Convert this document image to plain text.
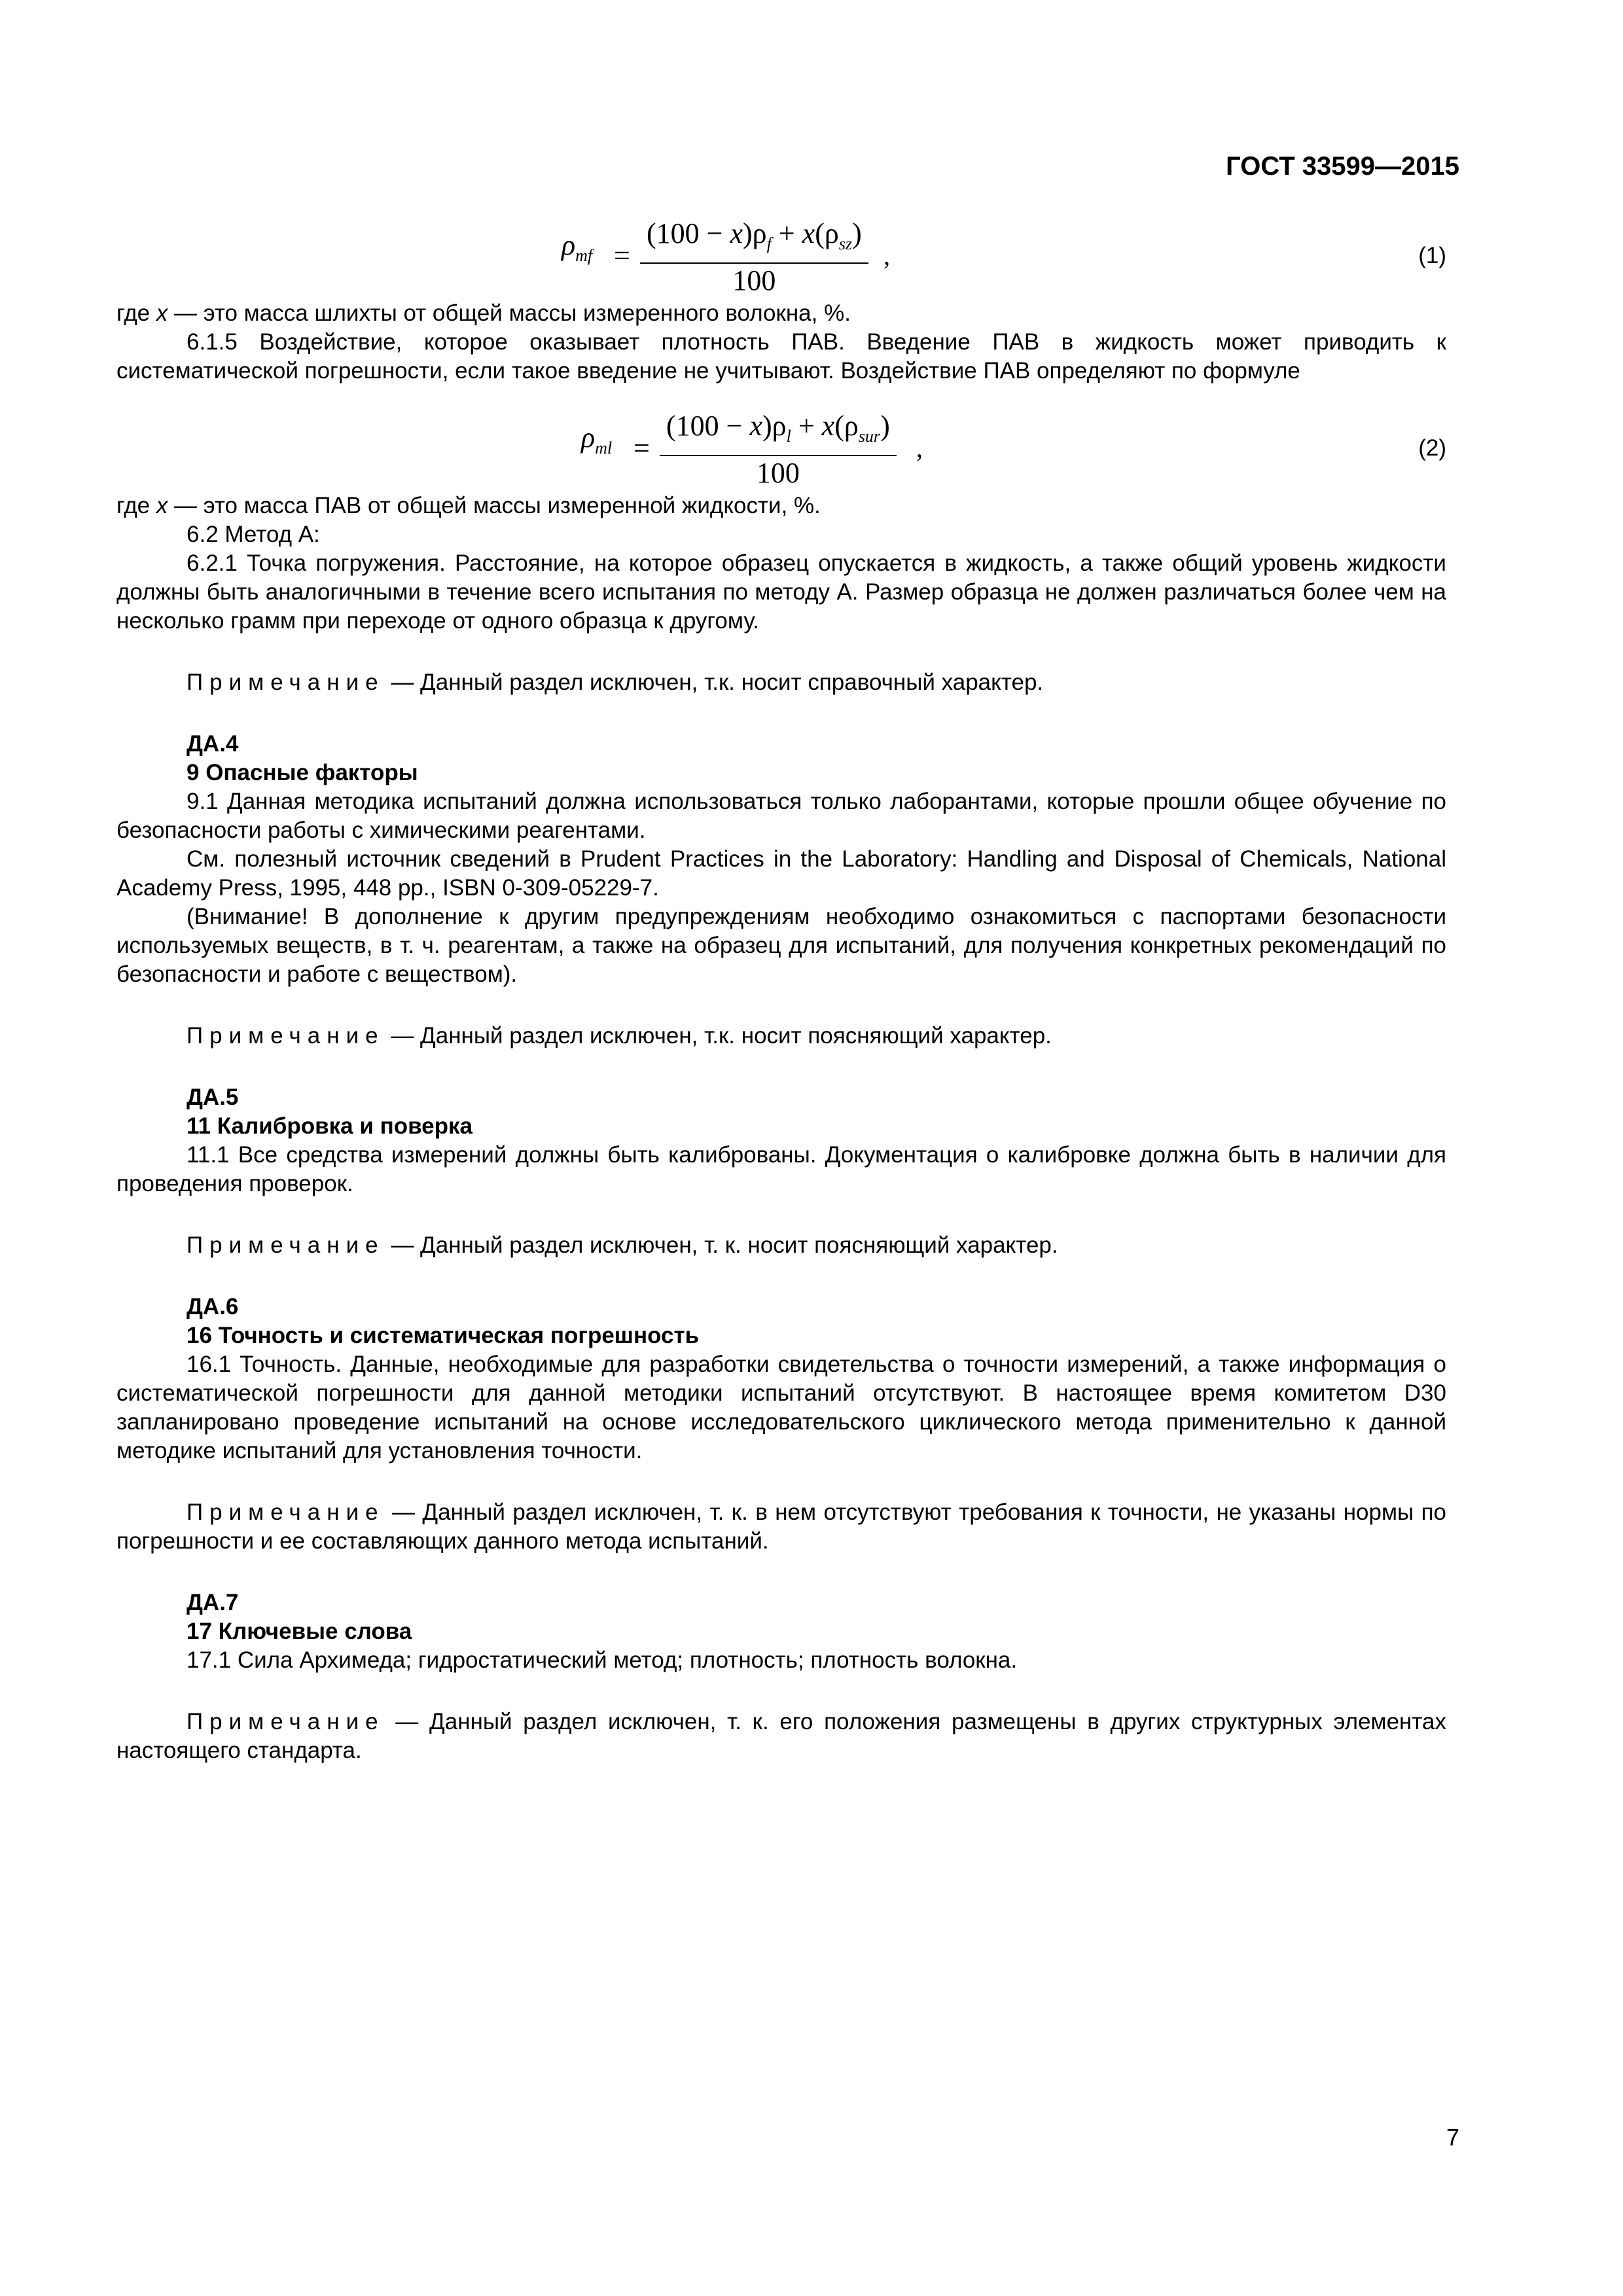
ГОСТ 33599—2015
$\rho_{mf}$ =
$(100 - x)\rho_f + x(\rho_{sz})$
100
,	(1)

где x — это масса шлихты от общей массы измеренного волокна, %.

6.1.5 Воздействие, которое оказывает плотность ПАВ. Введение ПАВ в жидкость может приводить к систематической погрешности, если такое введение не учитывают. Воздействие ПАВ определяют по формуле

$\rho_{ml}$ =
$(100 - x)\rho_l + x(\rho_{sur})$
100
,	(2)

где x — это масса ПАВ от общей массы измеренной жидкости, %.

6.2 Метод А:

6.2.1 Точка погружения. Расстояние, на которое образец опускается в жидкость, а также общий уровень жидкости должны быть аналогичными в течение всего испытания по методу А. Размер образца не должен различаться более чем на несколько грамм при переходе от одного образца к другому.

Примечание — Данный раздел исключен, т.к. носит справочный характер.

ДА.4

9 Опасные факторы

9.1 Данная методика испытаний должна использоваться только лаборантами, которые прошли общее обучение по безопасности работы с химическими реагентами.

См. полезный источник сведений в Prudent Practices in the Laboratory: Handling and Disposal of Chemicals, National Academy Press, 1995, 448 pp., ISBN 0-309-05229-7.

(Внимание! В дополнение к другим предупреждениям необходимо ознакомиться с паспортами безопасности используемых веществ, в т. ч. реагентам, а также на образец для испытаний, для получения конкретных рекомендаций по безопасности и работе с веществом).

Примечание — Данный раздел исключен, т.к. носит поясняющий характер.

ДА.5

11 Калибровка и поверка

11.1 Все средства измерений должны быть калиброваны. Документация о калибровке должна быть в наличии для проведения проверок.

Примечание — Данный раздел исключен, т. к. носит поясняющий характер.

ДА.6

16 Точность и систематическая погрешность

16.1 Точность. Данные, необходимые для разработки свидетельства о точности измерений, а также информация о систематической погрешности для данной методики испытаний отсутствуют. В настоящее время комитетом D30 запланировано проведение испытаний на основе исследовательского циклического метода применительно к данной методике испытаний для установления точности.

Примечание — Данный раздел исключен, т. к. в нем отсутствуют требования к точности, не указаны нормы по погрешности и ее составляющих данного метода испытаний.

ДА.7

17 Ключевые слова

17.1 Сила Архимеда; гидростатический метод; плотность; плотность волокна.

Примечание — Данный раздел исключен, т. к. его положения размещены в других структурных элементах настоящего стандарта.

7
